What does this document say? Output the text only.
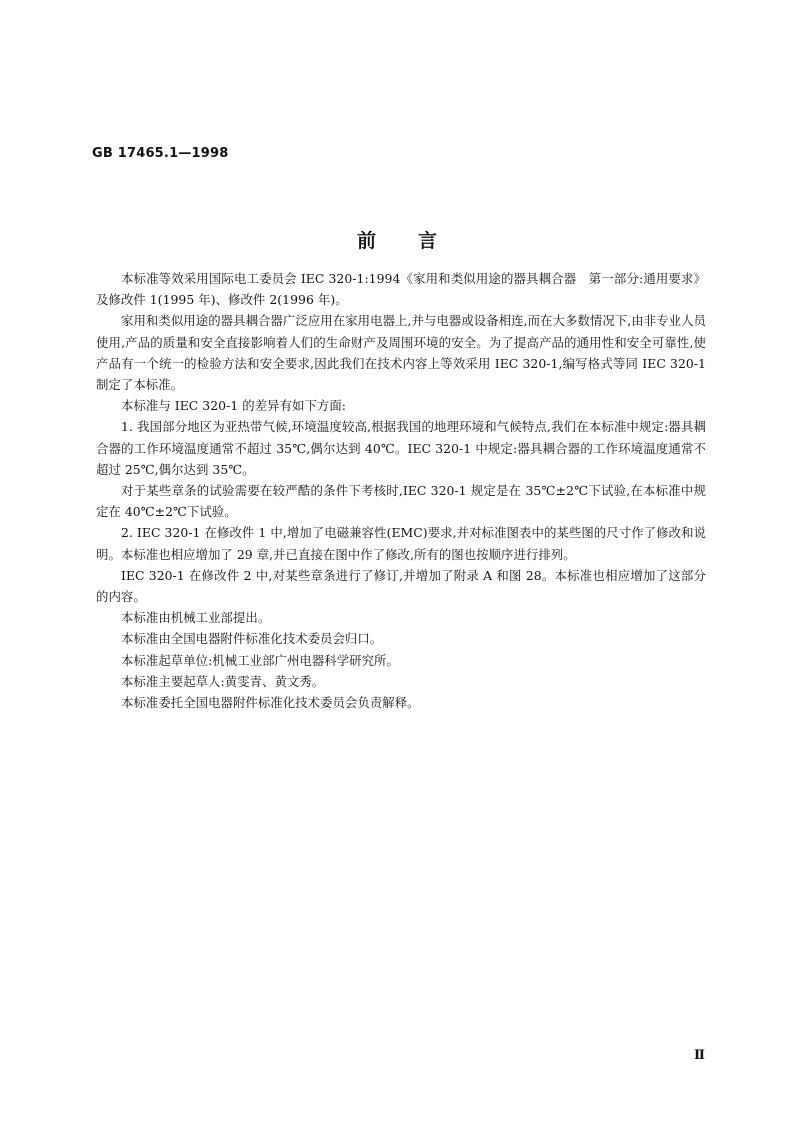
GB 17465.1—1998
前言

本标准等效采用国际电工委员会 IEC 320-1:1994《家用和类似用途的器具耦合器　第一部分:通用要求》及修改件 1(1995 年)、修改件 2(1996 年)。

家用和类似用途的器具耦合器广泛应用在家用电器上,并与电器或设备相连,而在大多数情况下,由非专业人员使用,产品的质量和安全直接影响着人们的生命财产及周围环境的安全。为了提高产品的通用性和安全可靠性,使产品有一个统一的检验方法和安全要求,因此我们在技术内容上等效采用 IEC 320-1,编写格式等同 IEC 320-1 制定了本标准。

本标准与 IEC 320-1 的差异有如下方面:

1. 我国部分地区为亚热带气候,环境温度较高,根据我国的地理环境和气候特点,我们在本标准中规定:器具耦合器的工作环境温度通常不超过 35℃,偶尔达到 40℃。IEC 320-1 中规定:器具耦合器的工作环境温度通常不超过 25℃,偶尔达到 35℃。

对于某些章条的试验需要在较严酷的条件下考核时,IEC 320-1 规定是在 35℃±2℃下试验,在本标准中规定在 40℃±2℃下试验。

2. IEC 320-1 在修改件 1 中,增加了电磁兼容性(EMC)要求,并对标准图表中的某些图的尺寸作了修改和说明。本标准也相应增加了 29 章,并已直接在图中作了修改,所有的图也按顺序进行排列。

IEC 320-1 在修改件 2 中,对某些章条进行了修订,并增加了附录 A 和图 28。本标准也相应增加了这部分的内容。

本标准由机械工业部提出。

本标准由全国电器附件标准化技术委员会归口。

本标准起草单位:机械工业部广州电器科学研究所。

本标准主要起草人:黄雯青、黄文秀。

本标准委托全国电器附件标准化技术委员会负责解释。

Ⅱ
